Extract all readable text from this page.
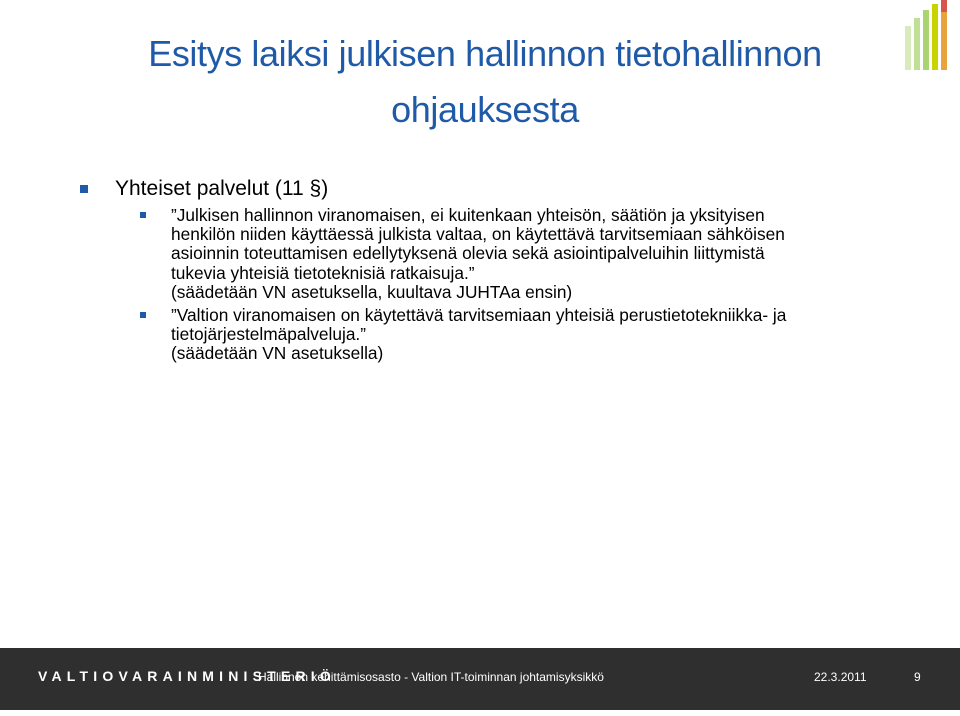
Esitys laiksi julkisen hallinnon tietohallinnon
ohjauksesta
Yhteiset palvelut (11 §)
”Julkisen hallinnon viranomaisen, ei kuitenkaan yhteisön, säätiön ja yksityisen
henkilön niiden käyttäessä julkista valtaa, on käytettävä tarvitsemiaan sähköisen
asioinnin toteuttamisen edellytyksenä olevia sekä asiointipalveluihin liittymistä
tukevia yhteisiä tietoteknisiä ratkaisuja.”
(säädetään VN asetuksella, kuultava JUHTAa ensin)
”Valtion viranomaisen on käytettävä tarvitsemiaan yhteisiä perustietotekniikka- ja
tietojärjestelmäpalveluja.”
(säädetään VN asetuksella)
VALTIOVARAINMINISTERIÖ
Hallinnon kehittämisosasto - Valtion IT-toiminnan johtamisyksikkö	22.3.2011	9
